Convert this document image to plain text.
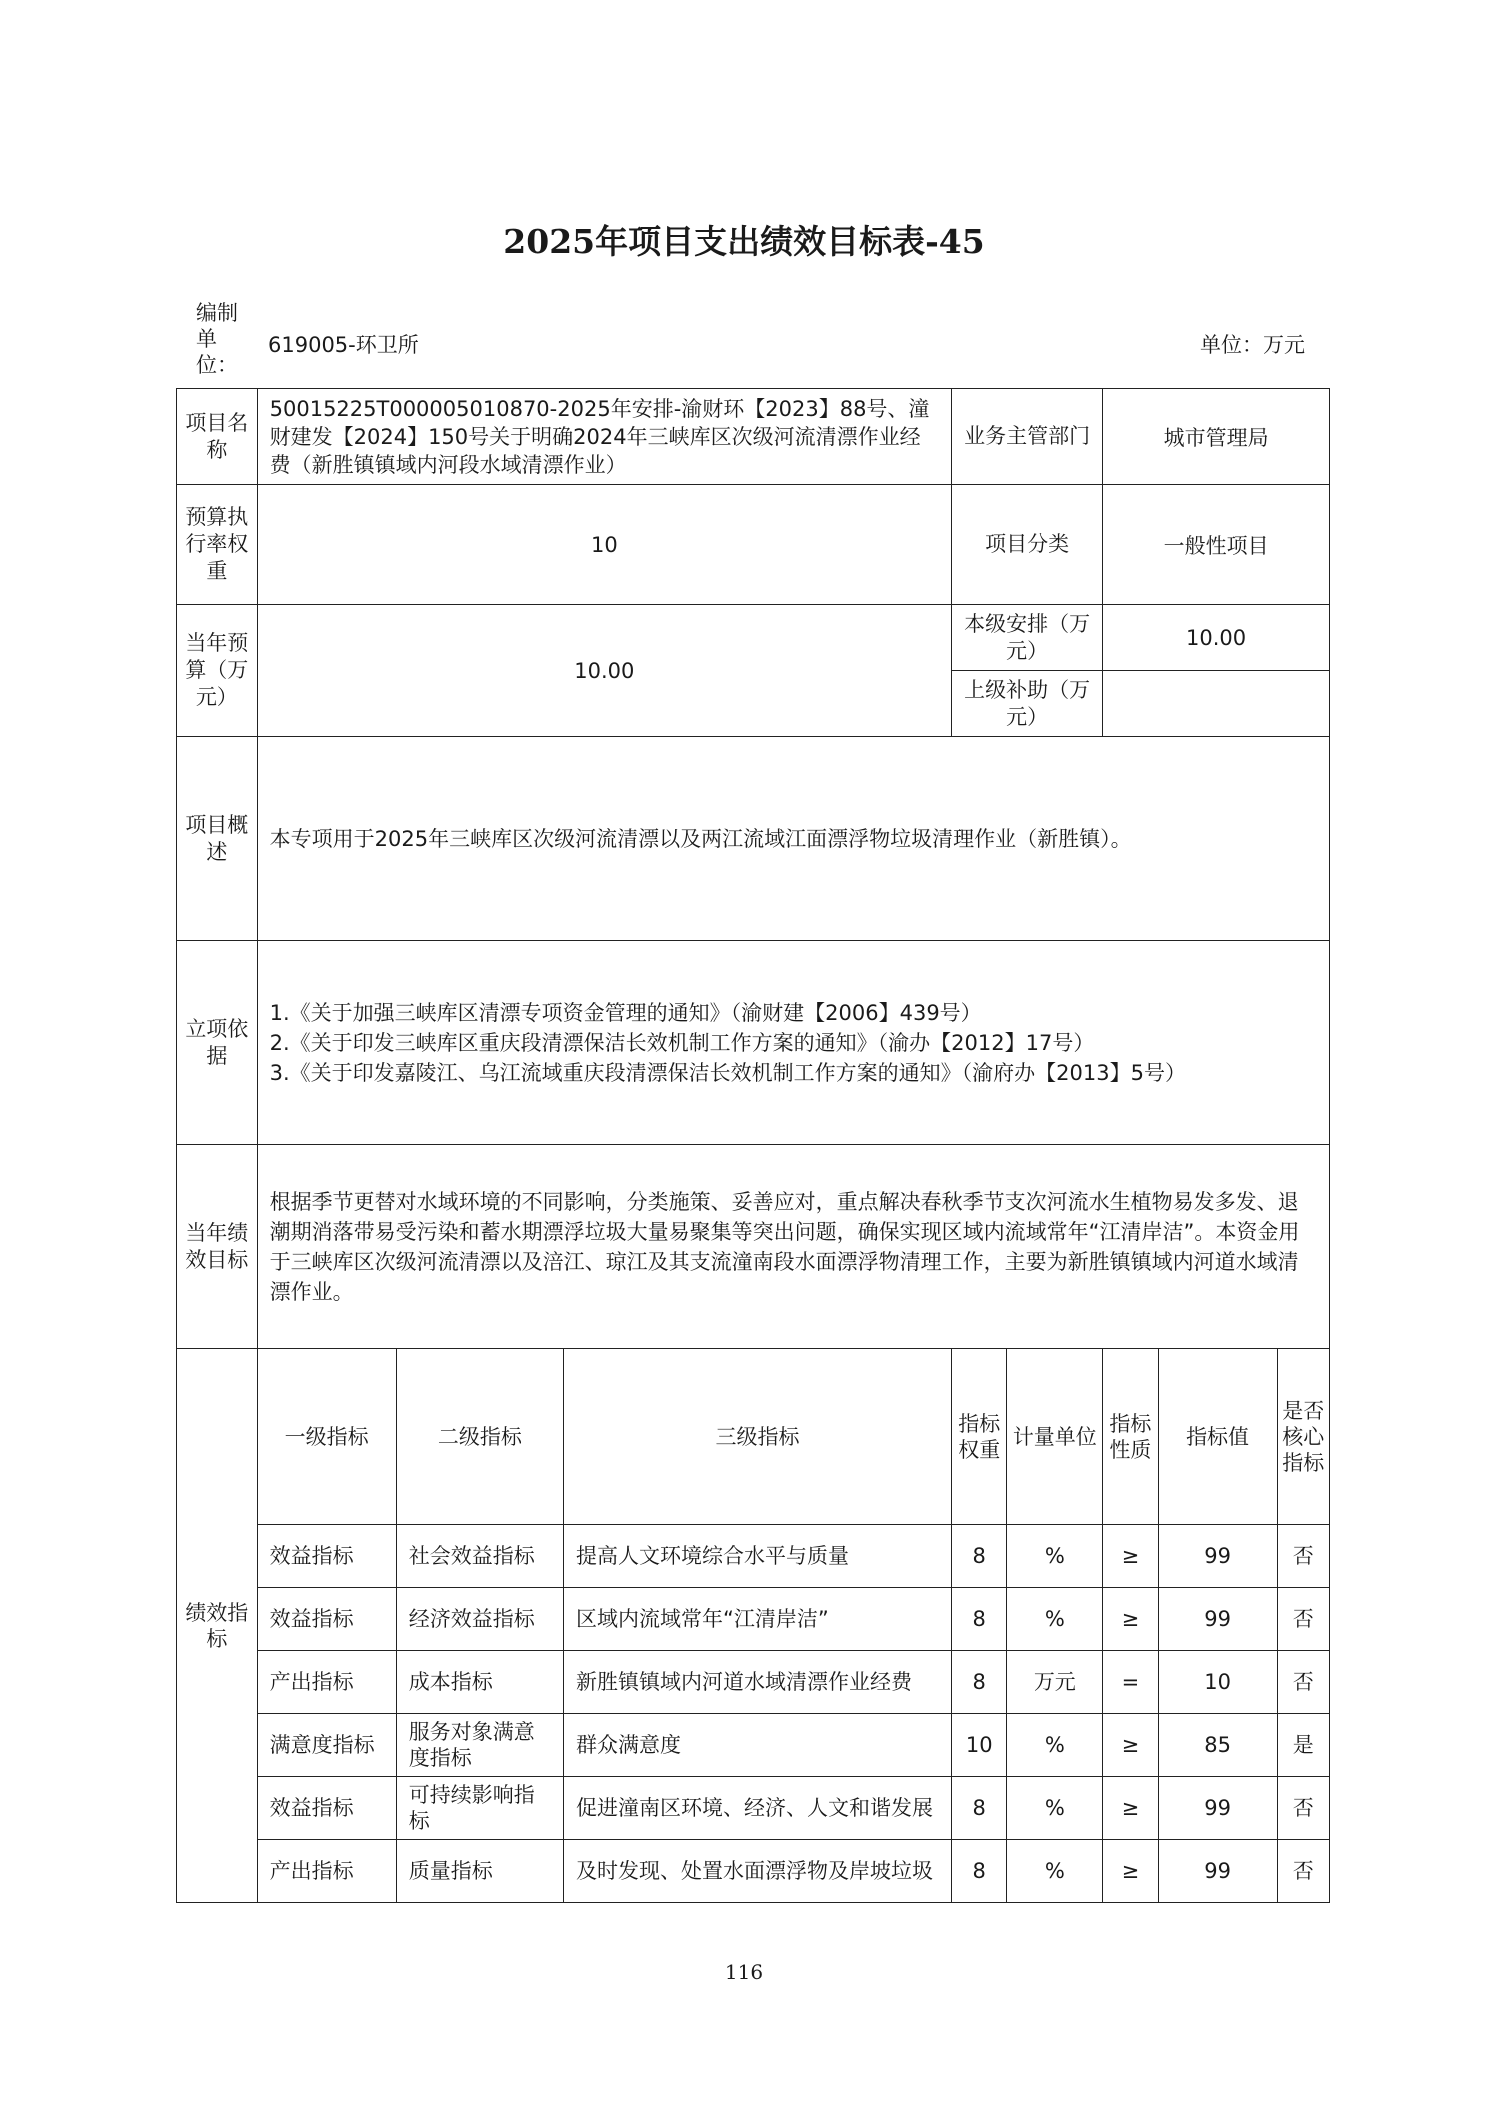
2025年项目支出绩效目标表-45
编制单位：
619005-环卫所	单位：万元
项目名称	50015225T000005010870-2025年安排-渝财环【2023】88号、潼财建发【2024】150号关于明确2024年三峡库区次级河流清漂作业经费（新胜镇镇域内河段水域清漂作业）			业务主管部门		城市管理局		
预算执行率权重	10			项目分类		一般性项目		
当年预算（万元）	10.00			本级安排（万元）		10.00		
				上级补助（万元）				
项目概述	本专项用于2025年三峡库区次级河流清漂以及两江流域江面漂浮物垃圾清理作业（新胜镇）。							
立项依据	1.《关于加强三峡库区清漂专项资金管理的通知》（渝财建【2006】439号）
2.《关于印发三峡库区重庆段清漂保洁长效机制工作方案的通知》（渝办【2012】17号）
3.《关于印发嘉陵江、乌江流域重庆段清漂保洁长效机制工作方案的通知》（渝府办【2013】5号）							

当年绩效目标	根据季节更替对水域环境的不同影响，分类施策、妥善应对，重点解决春秋季节支次河流水生植物易发多发、退潮期消落带易受污染和蓄水期漂浮垃圾大量易聚集等突出问题，确保实现区域内流域常年“江清岸洁”。本资金用于三峡库区次级河流清漂以及涪江、琼江及其支流潼南段水面漂浮物清理工作，主要为新胜镇镇域内河道水域清漂作业。							
绩效指标	一级指标	二级指标	三级指标	指标权重	计量单位	指标性质	指标值	是否核心指标
	效益指标	社会效益指标	提高人文环境综合水平与质量	8	%	≥	99	否
	效益指标	经济效益指标	区域内流域常年“江清岸洁”	8	%	≥	99	否
	产出指标	成本指标	新胜镇镇域内河道水域清漂作业经费	8	万元	=	10	否
	满意度指标	服务对象满意度指标	群众满意度	10	%	≥	85	是
	效益指标	可持续影响指标	促进潼南区环境、经济、人文和谐发展	8	%	≥	99	否
	产出指标	质量指标	及时发现、处置水面漂浮物及岸坡垃圾	8	%	≥	99	否
116
